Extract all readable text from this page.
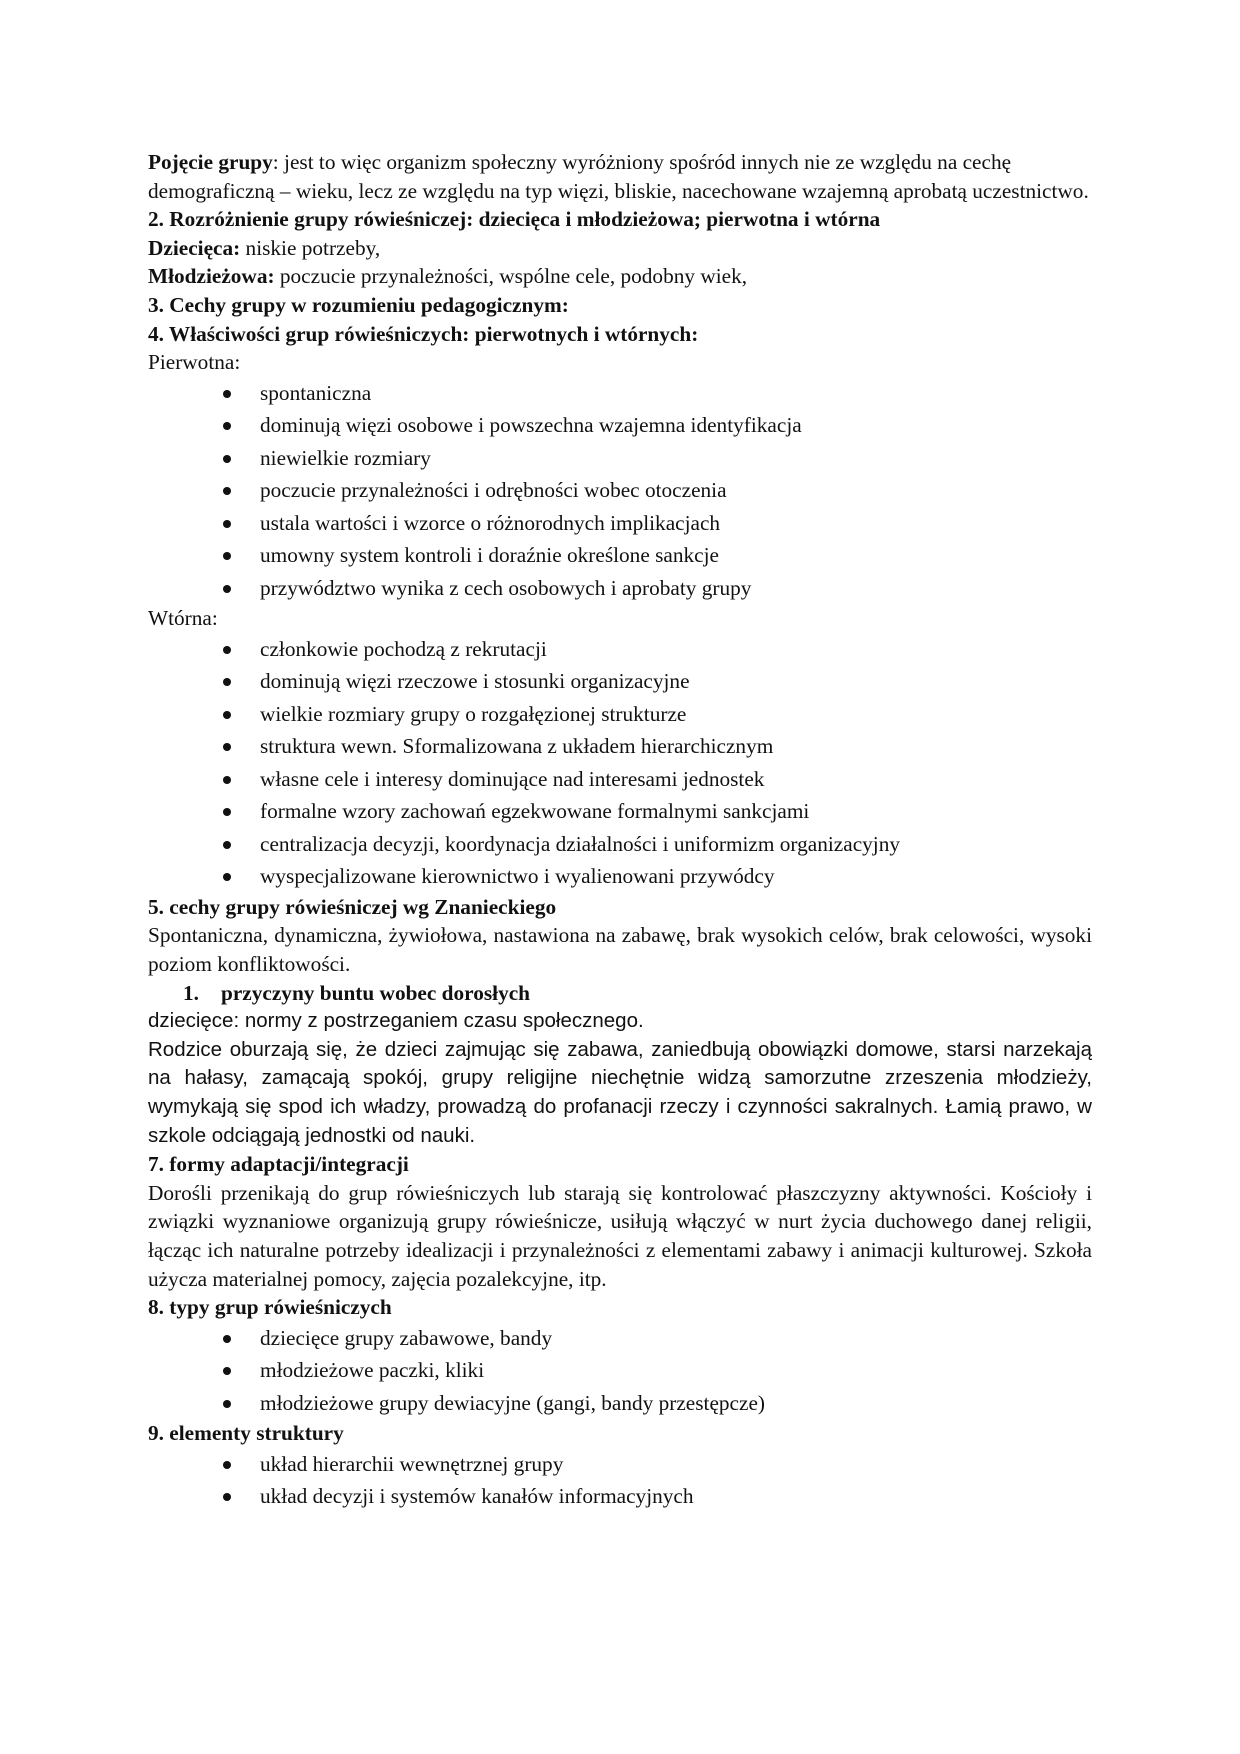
Pojęcie grupy: jest to więc organizm społeczny wyróżniony spośród innych nie ze względu na cechę demograficzną – wieku, lecz ze względu na typ więzi, bliskie, nacechowane wzajemną aprobatą uczestnictwo.

2. Rozróżnienie grupy rówieśniczej: dziecięca i młodzieżowa; pierwotna i wtórna

Dziecięca: niskie potrzeby,

Młodzieżowa: poczucie przynależności, wspólne cele, podobny wiek,

3. Cechy grupy w rozumieniu pedagogicznym:

4. Właściwości grup rówieśniczych: pierwotnych i wtórnych:

Pierwotna:

spontaniczna
dominują więzi osobowe i powszechna wzajemna identyfikacja
niewielkie rozmiary
poczucie przynależności i odrębności wobec otoczenia
ustala wartości i wzorce o różnorodnych implikacjach
umowny system kontroli i doraźnie określone sankcje
przywództwo wynika z cech osobowych i aprobaty grupy

Wtórna:

członkowie pochodzą z rekrutacji
dominują więzi rzeczowe i stosunki organizacyjne
wielkie rozmiary grupy o rozgałęzionej strukturze
struktura wewn. Sformalizowana z układem hierarchicznym
własne cele i interesy dominujące nad interesami jednostek
formalne wzory zachowań egzekwowane formalnymi sankcjami
centralizacja decyzji, koordynacja działalności i uniformizm organizacyjny
wyspecjalizowane kierownictwo i wyalienowani przywódcy

5. cechy grupy rówieśniczej wg Znanieckiego

Spontaniczna, dynamiczna, żywiołowa, nastawiona na zabawę, brak wysokich celów, brak celowości, wysoki poziom konfliktowości.

1. przyczyny buntu wobec dorosłych

dziecięce: normy z postrzeganiem czasu społecznego.

Rodzice oburzają się, że dzieci zajmując się zabawa, zaniedbują obowiązki domowe, starsi narzekają na hałasy, zamącają spokój, grupy religijne niechętnie widzą samorzutne zrzeszenia młodzieży, wymykają się spod ich władzy, prowadzą do profanacji rzeczy i czynności sakralnych. Łamią prawo, w szkole odciągają jednostki od nauki.

7. formy adaptacji/integracji

Dorośli przenikają do grup rówieśniczych lub starają się kontrolować płaszczyzny aktywności. Kościoły i związki wyznaniowe organizują grupy rówieśnicze, usiłują włączyć w nurt życia duchowego danej religii, łącząc ich naturalne potrzeby idealizacji i przynależności z elementami zabawy i animacji kulturowej. Szkoła użycza materialnej pomocy, zajęcia pozalekcyjne, itp.

8. typy grup rówieśniczych

dziecięce grupy zabawowe, bandy
młodzieżowe paczki, kliki
młodzieżowe grupy dewiacyjne (gangi, bandy przestępcze)

9. elementy struktury

układ hierarchii wewnętrznej grupy
układ decyzji i systemów kanałów informacyjnych
